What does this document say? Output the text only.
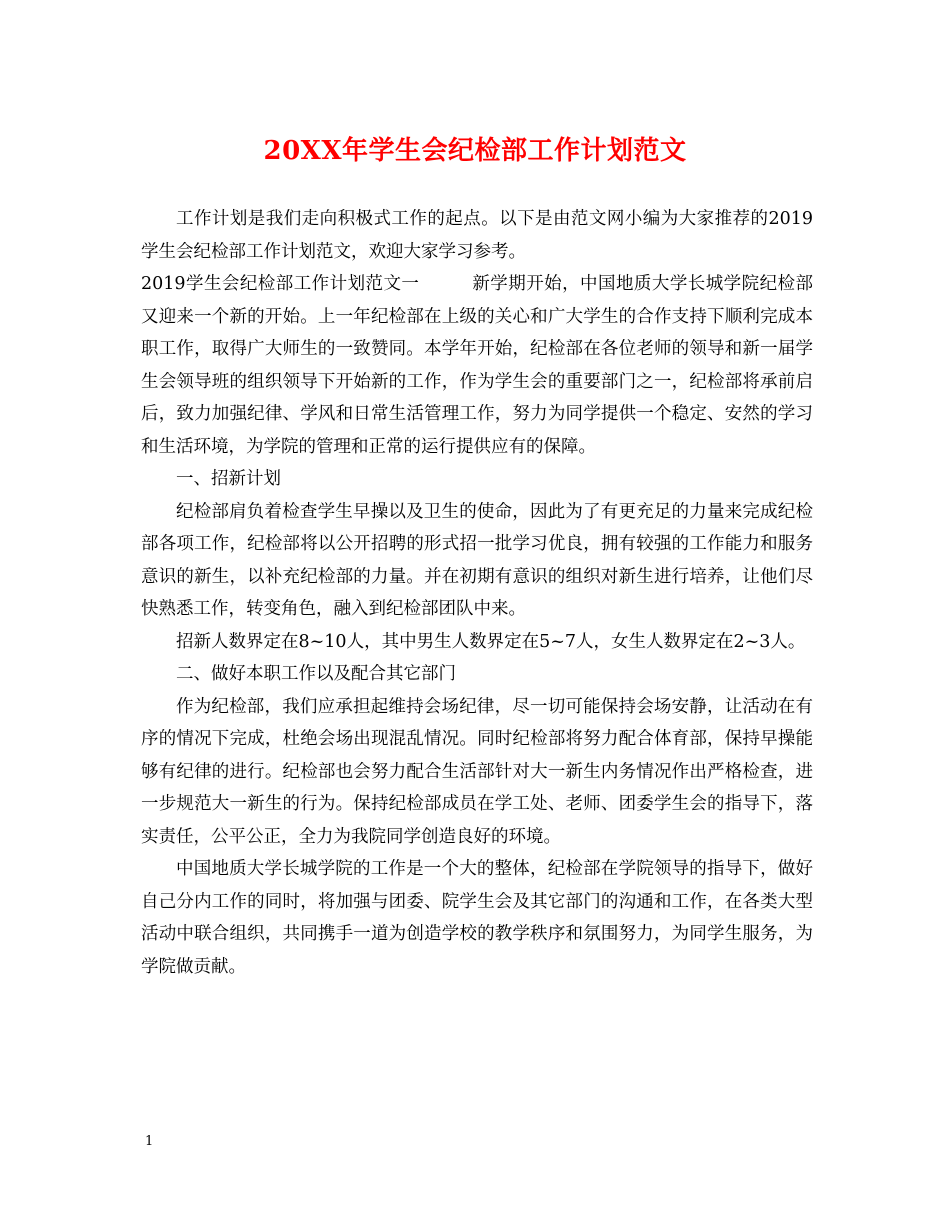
20XX年学生会纪检部工作计划范文

工作计划是我们走向积极式工作的起点。以下是由范文网小编为大家推荐的2019学生会纪检部工作计划范文，欢迎大家学习参考。

2019学生会纪检部工作计划范文一	新学期开始，中国地质大学长城学院纪检部又迎来一个新的开始。上一年纪检部在上级的关心和广大学生的合作支持下顺利完成本职工作，取得广大师生的一致赞同。本学年开始，纪检部在各位老师的领导和新一届学生会领导班的组织领导下开始新的工作，作为学生会的重要部门之一，纪检部将承前启后，致力加强纪律、学风和日常生活管理工作，努力为同学提供一个稳定、安然的学习和生活环境，为学院的管理和正常的运行提供应有的保障。

一、招新计划

纪检部肩负着检查学生早操以及卫生的使命，因此为了有更充足的力量来完成纪检部各项工作，纪检部将以公开招聘的形式招一批学习优良，拥有较强的工作能力和服务意识的新生，以补充纪检部的力量。并在初期有意识的组织对新生进行培养，让他们尽快熟悉工作，转变角色，融入到纪检部团队中来。

招新人数界定在8~10人，其中男生人数界定在5~7人，女生人数界定在2~3人。

二、做好本职工作以及配合其它部门

作为纪检部，我们应承担起维持会场纪律，尽一切可能保持会场安静，让活动在有序的情况下完成，杜绝会场出现混乱情况。同时纪检部将努力配合体育部，保持早操能够有纪律的进行。纪检部也会努力配合生活部针对大一新生内务情况作出严格检查，进一步规范大一新生的行为。保持纪检部成员在学工处、老师、团委学生会的指导下，落实责任，公平公正，全力为我院同学创造良好的环境。

中国地质大学长城学院的工作是一个大的整体，纪检部在学院领导的指导下，做好自己分内工作的同时，将加强与团委、院学生会及其它部门的沟通和工作，在各类大型活动中联合组织，共同携手一道为创造学校的教学秩序和氛围努力，为同学生服务，为学院做贡献。

1
